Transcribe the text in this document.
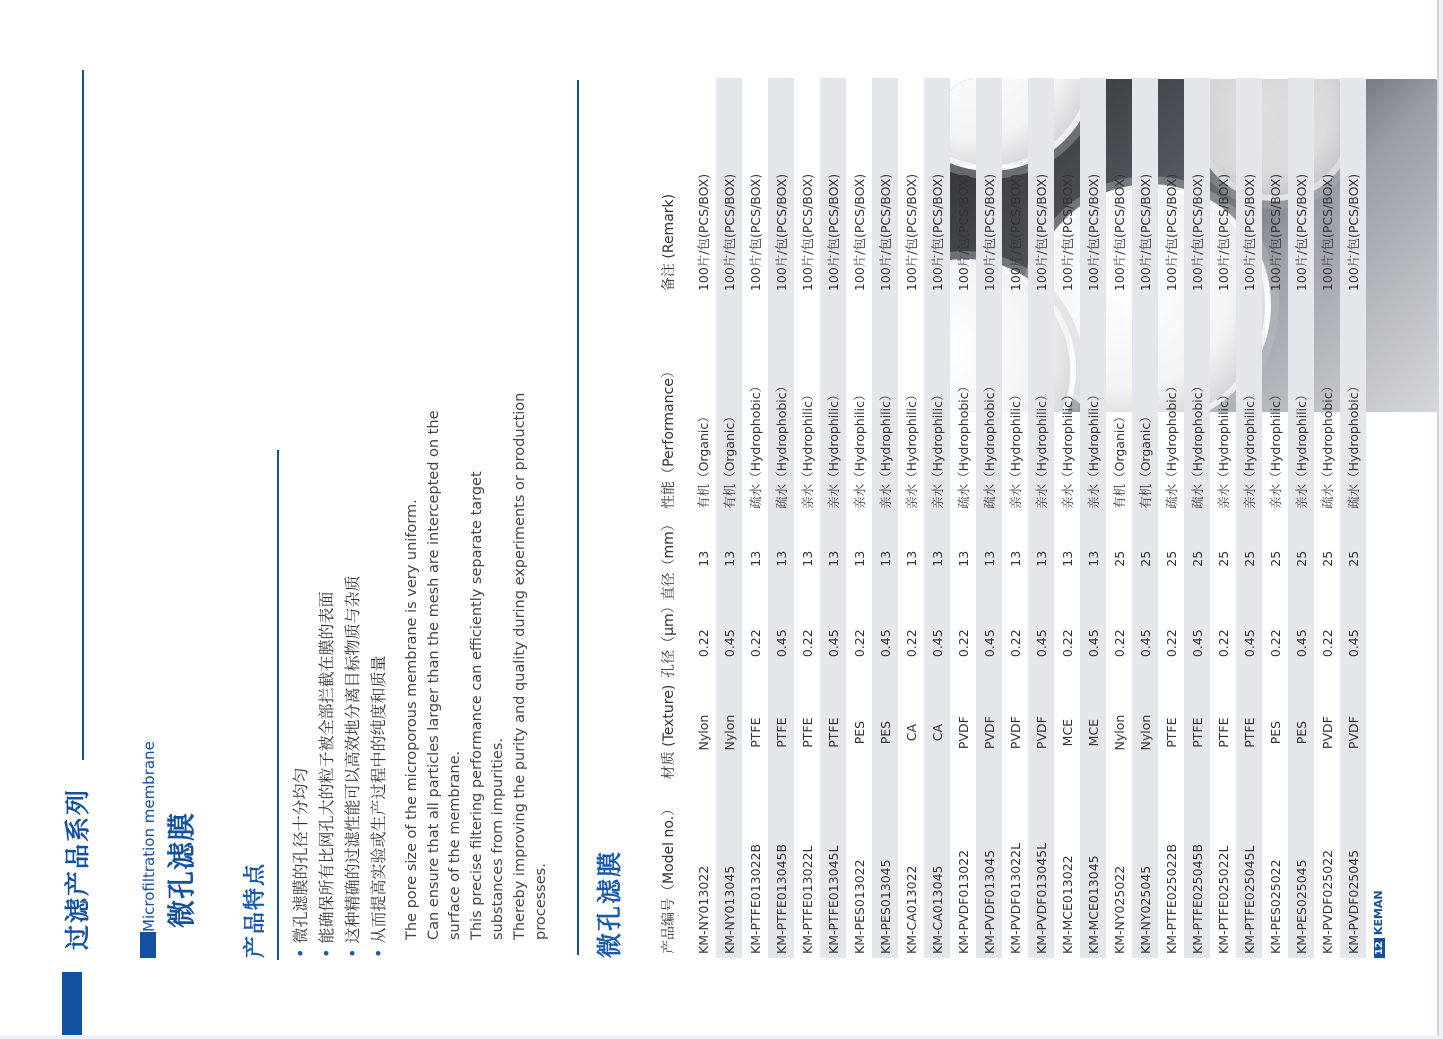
过滤产品系列	Microfiltration membrane 微孔滤膜 产品特点 • 微孔滤膜的孔径十分均匀 • 能确保所有比网孔大的粒子被全部拦截在膜的表面 • 这种精确的过滤性能可以高效地分离目标物质与杂质 • 从而提高实验或生产过程中的纯度和质量 The pore size of the microporous membrane is very uniform. Can ensure that all particles larger than the mesh are intercepted on the surface of the membrane. This precise filtering performance can efficiently separate target substances from impurities. Thereby improving the purity and quality during experiments or production processes. 微孔滤膜	产品编号（Model no.）	材质 (Texture)	孔径（μm）	直径（mm）	性能（Performance）	备注 (Remark)
KM-NY013022	Nylon	0.22	13	有机（Organic）	100片/包(PCS/BOX)
KM-NY013045	Nylon	0.45	13	有机（Organic）	100片/包(PCS/BOX)
KM-PTFE013022B	PTFE	0.22	13	疏水（Hydrophobic）	100片/包(PCS/BOX)
KM-PTFE013045B	PTFE	0.45	13	疏水（Hydrophobic）	100片/包(PCS/BOX)
KM-PTFE013022L	PTFE	0.22	13	亲水（Hydrophilic）	100片/包(PCS/BOX)
KM-PTFE013045L	PTFE	0.45	13	亲水（Hydrophilic）	100片/包(PCS/BOX)
KM-PES013022	PES	0.22	13	亲水（Hydrophilic）	100片/包(PCS/BOX)
KM-PES013045	PES	0.45	13	亲水（Hydrophilic）	100片/包(PCS/BOX)
KM-CA013022	CA	0.22	13	亲水（Hydrophilic）	100片/包(PCS/BOX)
KM-CA013045	CA	0.45	13	亲水（Hydrophilic）	100片/包(PCS/BOX)
KM-PVDF013022	PVDF	0.22	13	疏水（Hydrophobic）	100片/包(PCS/BOX)
KM-PVDF013045	PVDF	0.45	13	疏水（Hydrophobic）	100片/包(PCS/BOX)
KM-PVDF013022L	PVDF	0.22	13	亲水（Hydrophilic）	100片/包(PCS/BOX)
KM-PVDF013045L	PVDF	0.45	13	亲水（Hydrophilic）	100片/包(PCS/BOX)
KM-MCE013022	MCE	0.22	13	亲水（Hydrophilic）	100片/包(PCS/BOX)
KM-MCE013045	MCE	0.45	13	亲水（Hydrophilic）	100片/包(PCS/BOX)
KM-NY025022	Nylon	0.22	25	有机（Organic）	100片/包(PCS/BOX)
KM-NY025045	Nylon	0.45	25	有机（Organic）	100片/包(PCS/BOX)
KM-PTFE025022B	PTFE	0.22	25	疏水（Hydrophobic）	100片/包(PCS/BOX)
KM-PTFE025045B	PTFE	0.45	25	疏水（Hydrophobic）	100片/包(PCS/BOX)
KM-PTFE025022L	PTFE	0.22	25	亲水（Hydrophilic）	100片/包(PCS/BOX)
KM-PTFE025045L	PTFE	0.45	25	亲水（Hydrophilic）	100片/包(PCS/BOX)
KM-PES025022	PES	0.22	25	亲水（Hydrophilic）	100片/包(PCS/BOX)
KM-PES025045	PES	0.45	25	亲水（Hydrophilic）	100片/包(PCS/BOX)
KM-PVDF025022	PVDF	0.22	25	疏水（Hydrophobic）	100片/包(PCS/BOX)
KM-PVDF025045	PVDF	0.45	25	疏水（Hydrophobic）	100片/包(PCS/BOX)
12KEMAN
